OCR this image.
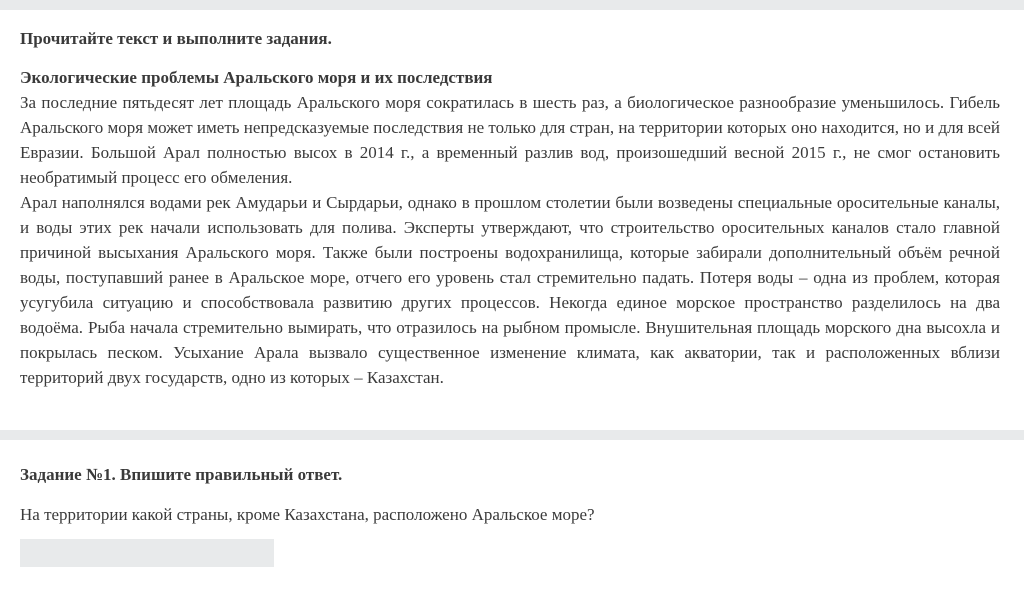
Прочитайте текст и выполните задания.

Экологические проблемы Аральского моря и их последствия

За последние пятьдесят лет площадь Аральского моря сократилась в шесть раз, а биологическое разнообразие уменьшилось. Гибель Аральского моря может иметь непредсказуемые последствия не только для стран, на территории которых оно находится, но и для всей Евразии. Большой Арал полностью высох в 2014 г., а временный разлив вод, произошедший весной 2015 г., не смог остановить необратимый процесс его обмеления.

Арал наполнялся водами рек Амударьи и Сырдарьи, однако в прошлом столетии были возведены специальные оросительные каналы, и воды этих рек начали использовать для полива. Эксперты утверждают, что строительство оросительных каналов стало главной причиной высыхания Аральского моря. Также были построены водохранилища, которые забирали дополнительный объём речной воды, поступавший ранее в Аральское море, отчего его уровень стал стремительно падать. Потеря воды – одна из проблем, которая усугубила ситуацию и способствовала развитию других процессов. Некогда единое морское пространство разделилось на два водоёма. Рыба начала стремительно вымирать, что отразилось на рыбном промысле. Внушительная площадь морского дна высохла и покрылась песком. Усыхание Арала вызвало существенное изменение климата, как акватории, так и расположенных вблизи территорий двух государств, одно из которых – Казахстан.

Задание №1. Впишите правильный ответ.

На территории какой страны, кроме Казахстана, расположено Аральское море?
